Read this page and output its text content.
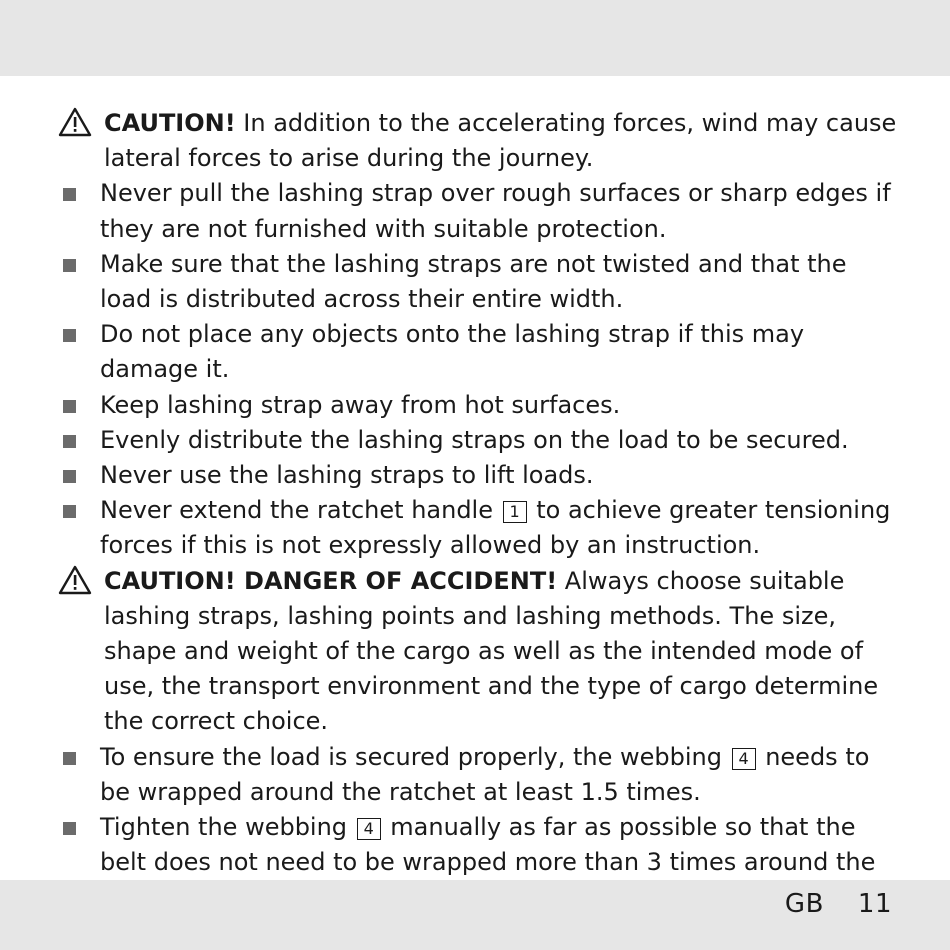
CAUTION! In addition to the accelerating forces, wind may cause lateral forces to arise during the journey.
Never pull the lashing strap over rough surfaces or sharp edges if they are not furnished with suitable protection.
Make sure that the lashing straps are not twisted and that the load is distributed across their entire width.
Do not place any objects onto the lashing strap if this may damage it.
Keep lashing strap away from hot surfaces.
Evenly distribute the lashing straps on the load to be secured.
Never use the lashing straps to lift loads.
Never extend the ratchet handle 1 to achieve greater tensioning forces if this is not expressly allowed by an instruction.
CAUTION! DANGER OF ACCIDENT! Always choose suitable lashing straps, lashing points and lashing methods. The size, shape and weight of the cargo as well as the intended mode of use, the transport environment and the type of cargo determine the correct choice.
To ensure the load is secured properly, the webbing 4 needs to be wrapped around the ratchet at least 1.5 times.
Tighten the webbing 4 manually as far as possible so that the belt does not need to be wrapped more than 3 times around the
GB 11
